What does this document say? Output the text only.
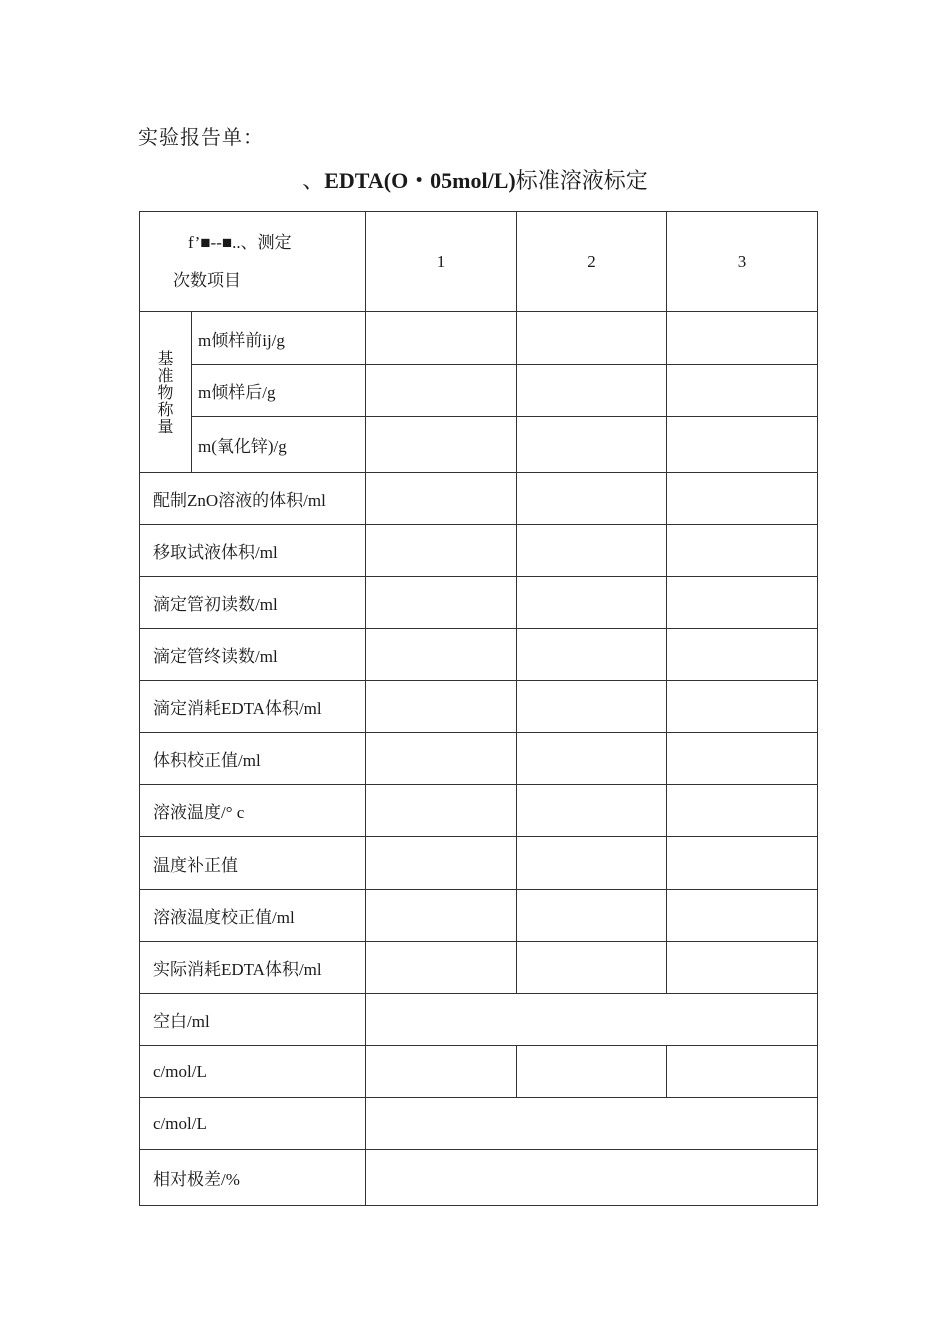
实验报告单：
、EDTA(O・05mol/L)标准溶液标定
f’■--■..、测定
次数项目		1	2	3

基
准
物
称
量	m倾样前ij/g			
	m倾样后/g			
	m(氧化锌)/g			
配制ZnO溶液的体积/ml				
移取试液体积/ml				
滴定管初读数/ml				
滴定管终读数/ml				
滴定消耗EDTA体积/ml				
体积校正值/ml				
溶液温度/° c				
温度补正值				
溶液温度校正值/ml				
实际消耗EDTA体积/ml				
空白/ml				
c/mol/L				
c/mol/L				
相对极差/%				
